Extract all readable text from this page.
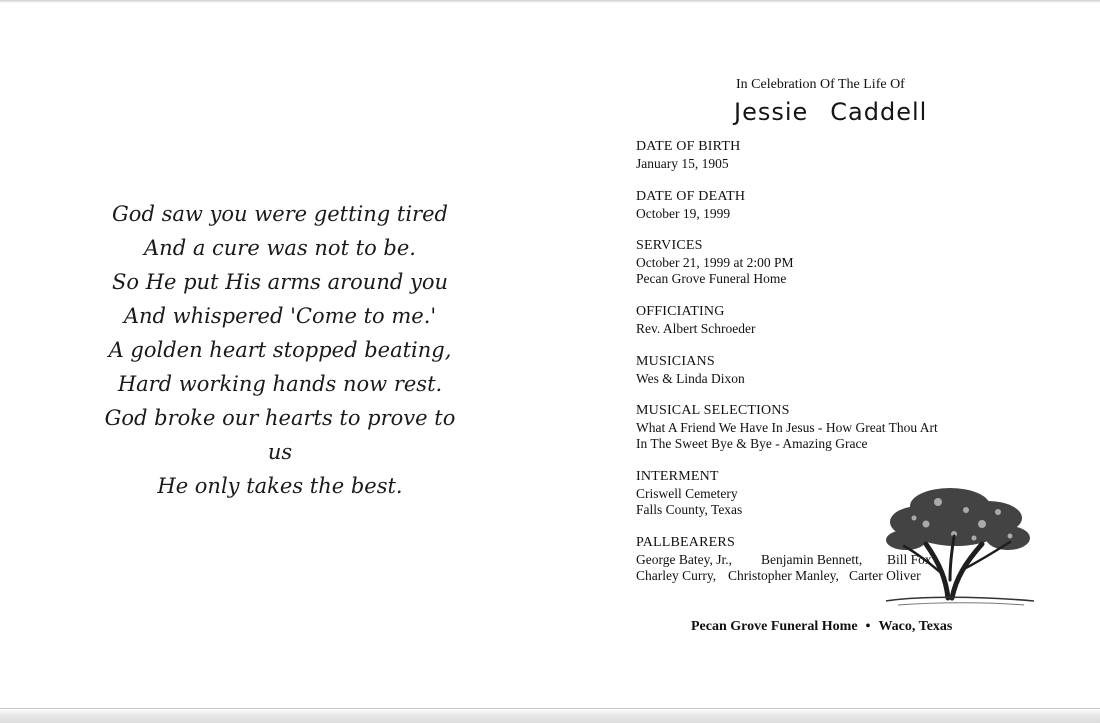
God saw you were getting tired
And a cure was not to be.
So He put His arms around you
And whispered 'Come to me.'
A golden heart stopped beating,
Hard working hands now rest.
God broke our hearts to prove to
us
He only takes the best.
In Celebration Of The Life Of
Jessie Caddell
DATE OF BIRTH
January 15, 1905
DATE OF DEATH
October 19, 1999
SERVICES
October 21, 1999 at 2:00 PM
Pecan Grove Funeral Home
OFFICIATING
Rev. Albert Schroeder
MUSICIANS
Wes & Linda Dixon
MUSICAL SELECTIONS
What A Friend We Have In Jesus - How Great Thou Art
In The Sweet Bye & Bye - Amazing Grace
INTERMENT
Criswell Cemetery
Falls County, Texas
PALLBEARERS
George Batey, Jr., Benjamin Bennett, Bill Fox
Charley Curry, Christopher Manley, Carter Oliver
Pecan Grove Funeral Home • Waco, Texas
